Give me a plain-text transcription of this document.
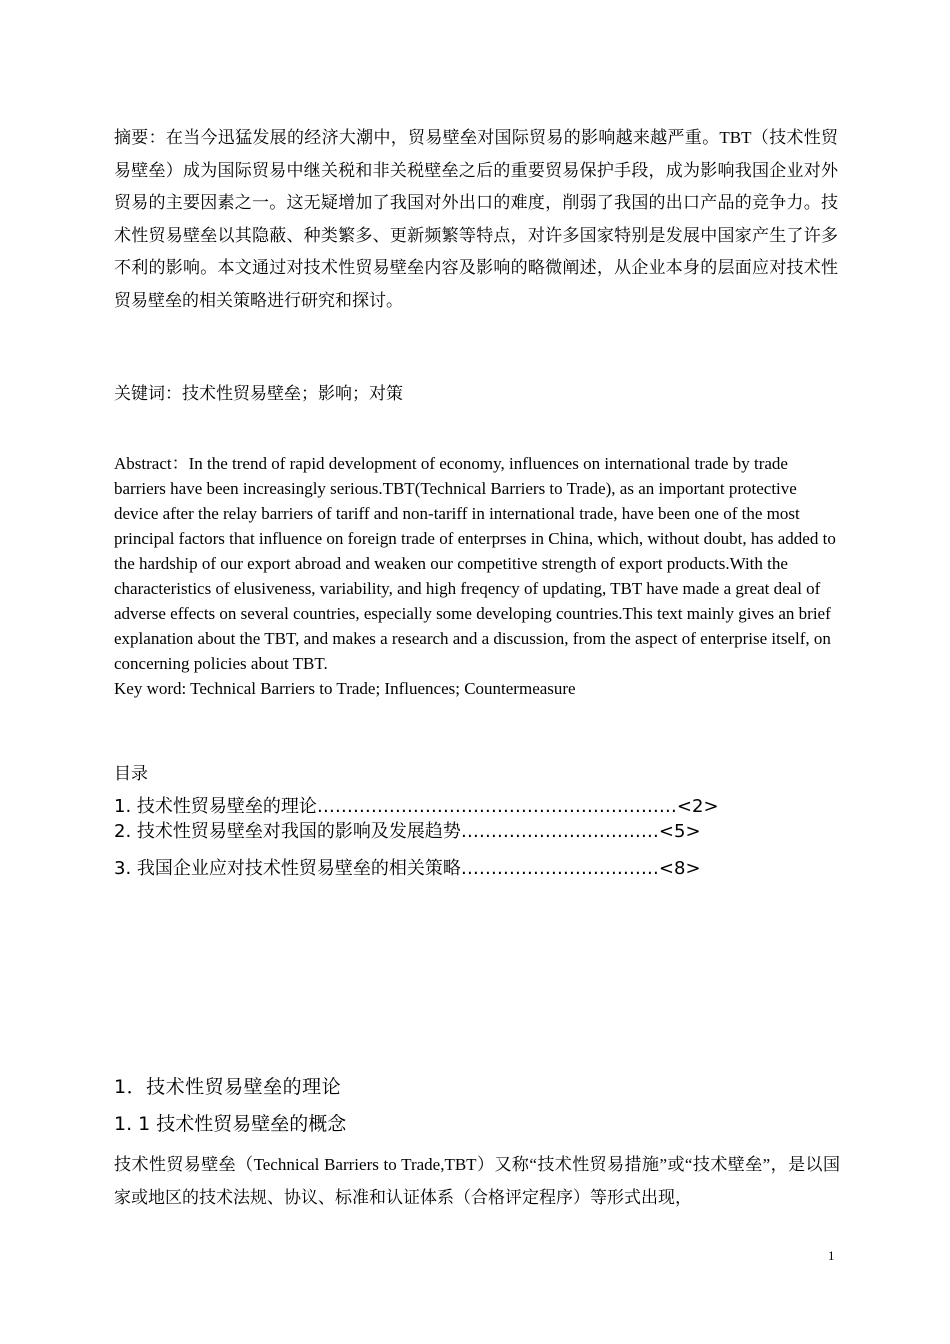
摘要：在当今迅猛发展的经济大潮中，贸易壁垒对国际贸易的影响越来越严重。TBT（技术性贸易壁垒）成为国际贸易中继关税和非关税壁垒之后的重要贸易保护手段，成为影响我国企业对外贸易的主要因素之一。这无疑增加了我国对外出口的难度，削弱了我国的出口产品的竞争力。技术性贸易壁垒以其隐蔽、种类繁多、更新频繁等特点，对许多国家特别是发展中国家产生了许多不利的影响。本文通过对技术性贸易壁垒内容及影响的略微阐述，从企业本身的层面应对技术性贸易壁垒的相关策略进行研究和探讨。
关键词：技术性贸易壁垒；影响；对策

Abstract：In the trend of rapid development of economy, influences on international trade by trade barriers have been increasingly serious.TBT(Technical Barriers to Trade), as an important protective device after the relay barriers of tariff and non-tariff in international trade, have been one of the most principal factors that influence on foreign trade of enterprses in China, which, without doubt, has added to the hardship of our export abroad and weaken our competitive strength of export products.With the characteristics of elusiveness, variability, and high freqency of updating, TBT have made a great deal of adverse effects on several countries, especially some developing countries.This text mainly gives an brief explanation about the TBT, and makes a research and a discussion, from the aspect of enterprise itself, on concerning policies about TBT.

Key word: Technical Barriers to Trade; Influences; Countermeasure

目录
1. 技术性贸易壁垒的理论……………………………………………………<2>
2. 技术性贸易壁垒对我国的影响及发展趋势……………………………<5>
3. 我国企业应对技术性贸易壁垒的相关策略……………………………<8>
1．技术性贸易壁垒的理论
1. 1 技术性贸易壁垒的概念
技术性贸易壁垒（Technical Barriers to Trade,TBT）又称“技术性贸易措施”或“技术壁垒”，是以国家或地区的技术法规、协议、标准和认证体系（合格评定程序）等形式出现，
1
